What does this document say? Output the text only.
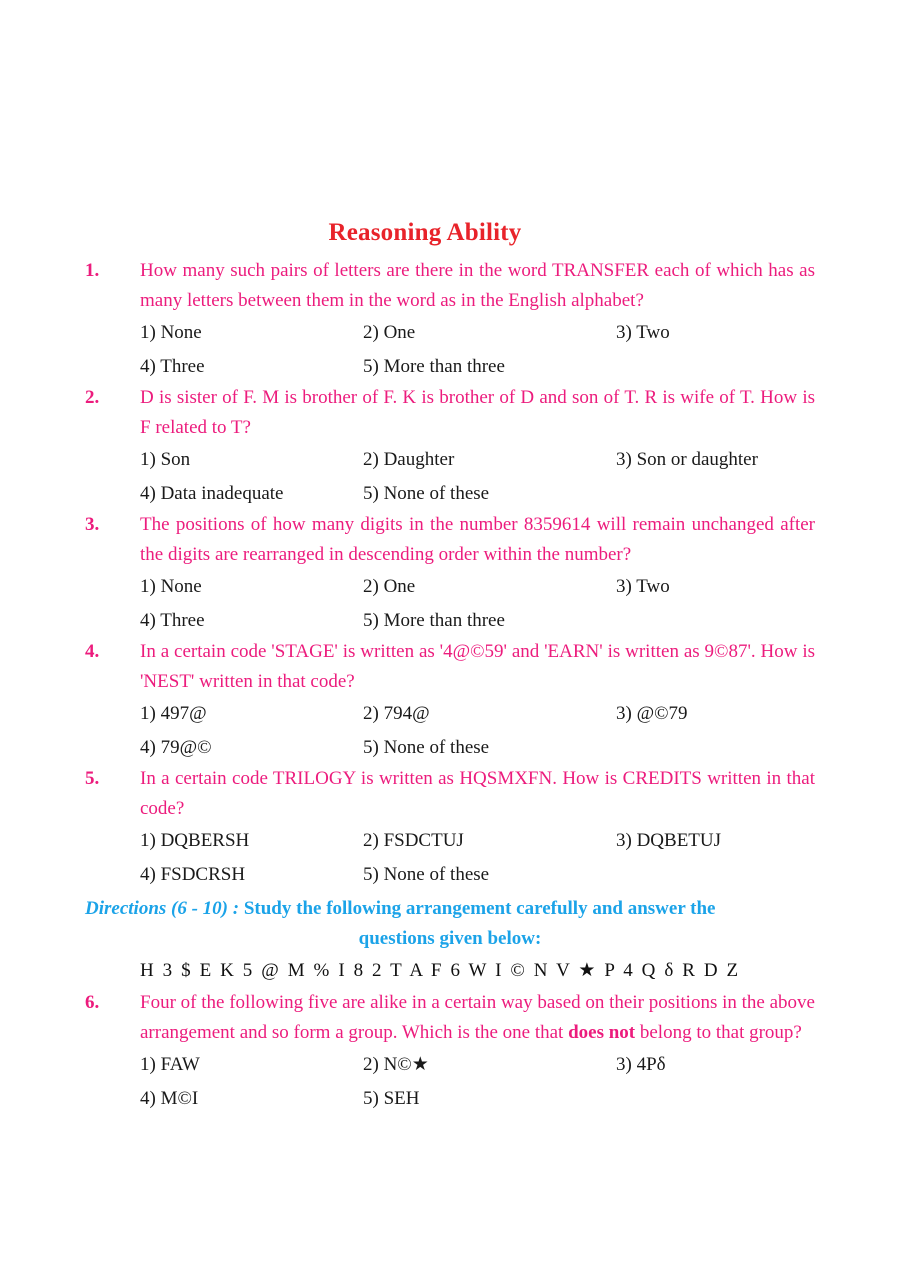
Reasoning Ability
1.	How many such pairs of letters are there in the word TRANSFER each of which has as many letters between them in the word as in the English alphabet?

1) None	2) One	3) Two
4) Three	5) More than three
2.	D is sister of F. M is brother of F. K is brother of D and son of T. R is wife of T. How is F related to T?

1) Son	2) Daughter	3) Son or daughter
4) Data inadequate	5) None of these
3.	The positions of how many digits in the number 8359614 will remain unchanged after the digits are rearranged in descending order within the number?

1) None	2) One	3) Two
4) Three	5) More than three
4.	In a certain code 'STAGE' is written as '4@©59' and 'EARN' is written as 9©87'. How is 'NEST' written in that code?

1) 497@	2) 794@	3) @©79
4) 79@©	5) None of these
5.	In a certain code TRILOGY is written as HQSMXFN. How is CREDITS written in that code?

1) DQBERSH	2) FSDCTUJ	3) DQBETUJ
4) FSDCRSH	5) None of these
Directions (6 - 10) : Study the following arrangement carefully and answer the
questions given below:
H 3 $ E K 5 @ M % I 8 2 T A F 6 W I © N V ★ P 4 Q δ R D Z
6.	Four of the following five are alike in a certain way based on their positions in the above arrangement and so form a group. Which is the one that does not belong to that group?

1) FAW	2) N©★	3) 4Pδ
4) M©I	5) SEH
